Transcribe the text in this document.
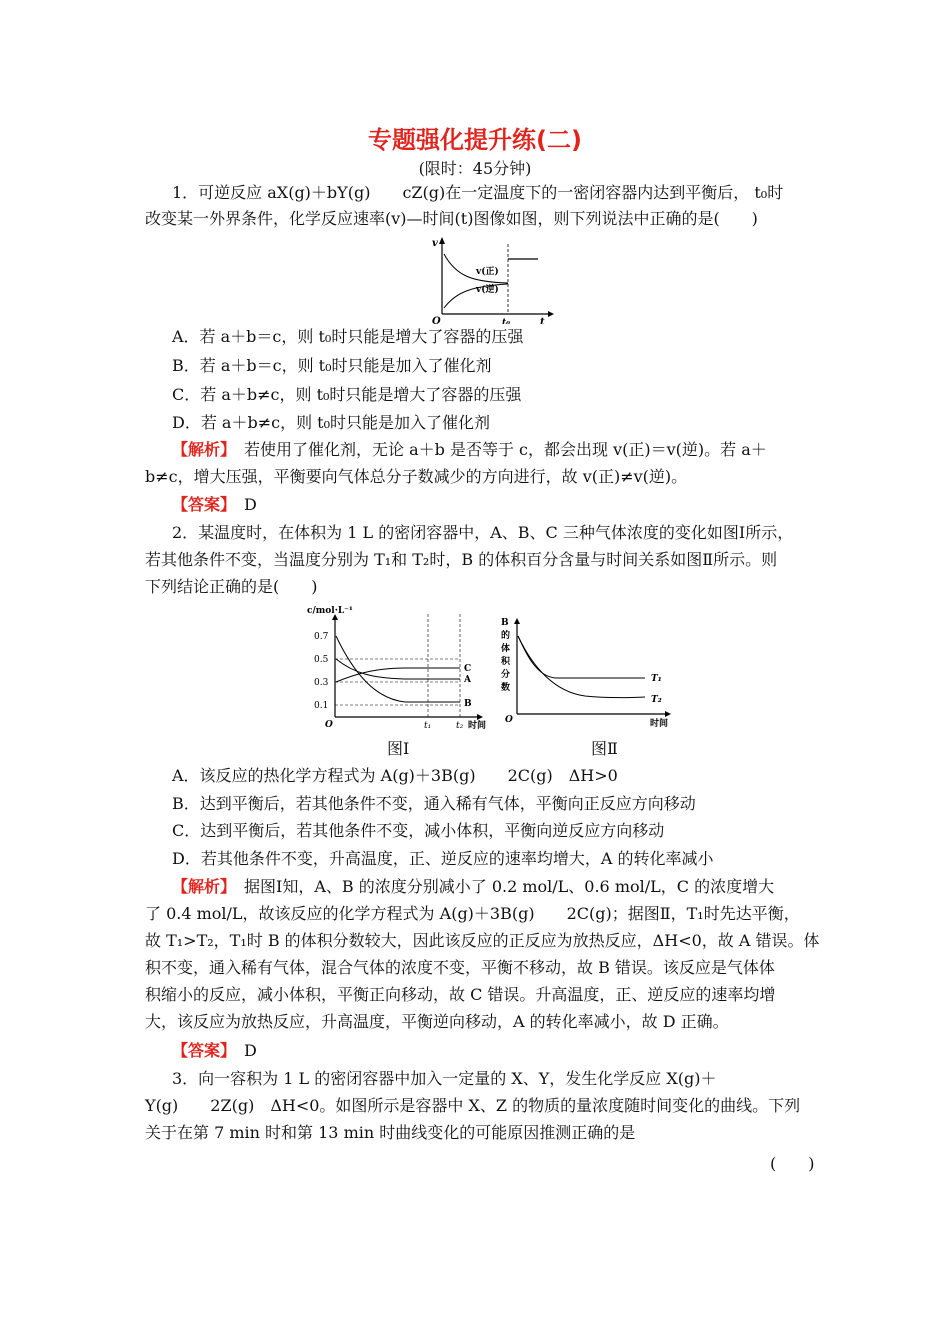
专题强化提升练(二)
(限时：45分钟)
1．可逆反应 aX(g)＋bY(g)　　cZ(g)在一定温度下的一密闭容器内达到平衡后， t₀时
改变某一外界条件，化学反应速率(v)—时间(t)图像如图，则下列说法中正确的是(　　)
v
O	t₀	t
v(正)
v(逆)
A．若 a＋b＝c，则 t₀时只能是增大了容器的压强
B．若 a＋b＝c，则 t₀时只能是加入了催化剂
C．若 a＋b≠c，则 t₀时只能是增大了容器的压强
D．若 a＋b≠c，则 t₀时只能是加入了催化剂
【解析】　若使用了催化剂，无论 a＋b 是否等于 c，都会出现 v(正)＝v(逆)。若 a＋
b≠c，增大压强，平衡要向气体总分子数减少的方向进行，故 v(正)≠v(逆)。
【答案】　 D
2．某温度时，在体积为 1 L 的密闭容器中，A、B、C 三种气体浓度的变化如图Ⅰ所示，
若其他条件不变，当温度分别为 T₁和 T₂时，B 的体积百分含量与时间关系如图Ⅱ所示。则
下列结论正确的是(　　)
c/mol·L⁻¹
0.7
0.5
0.3
0.1
O	t₁	t₂ 时间
C
A
B
B
的
体
积
分
数
O	时间
T₁
T₂
图Ⅰ	图Ⅱ
A．该反应的热化学方程式为 A(g)＋3B(g)　　2C(g)　ΔH>0
B．达到平衡后，若其他条件不变，通入稀有气体，平衡向正反应方向移动
C．达到平衡后，若其他条件不变，减小体积，平衡向逆反应方向移动
D．若其他条件不变，升高温度，正、逆反应的速率均增大，A 的转化率减小
【解析】　据图Ⅰ知，A、B 的浓度分别减小了 0.2 mol/L、0.6 mol/L，C 的浓度增大
了 0.4 mol/L，故该反应的化学方程式为 A(g)＋3B(g)　　2C(g)；据图Ⅱ，T₁时先达平衡，
故 T₁>T₂，T₁时 B 的体积分数较大，因此该反应的正反应为放热反应，ΔH<0，故 A 错误。体
积不变，通入稀有气体，混合气体的浓度不变，平衡不移动，故 B 错误。该反应是气体体
积缩小的反应，减小体积，平衡正向移动，故 C 错误。升高温度，正、逆反应的速率均增
大，该反应为放热反应，升高温度，平衡逆向移动，A 的转化率减小，故 D 正确。
【答案】　 D
3．向一容积为 1 L 的密闭容器中加入一定量的 X、Y，发生化学反应 X(g)＋
Y(g)　　2Z(g)　ΔH<0。如图所示是容器中 X、Z 的物质的量浓度随时间变化的曲线。下列
关于在第 7 min 时和第 13 min 时曲线变化的可能原因推测正确的是
(　　)
